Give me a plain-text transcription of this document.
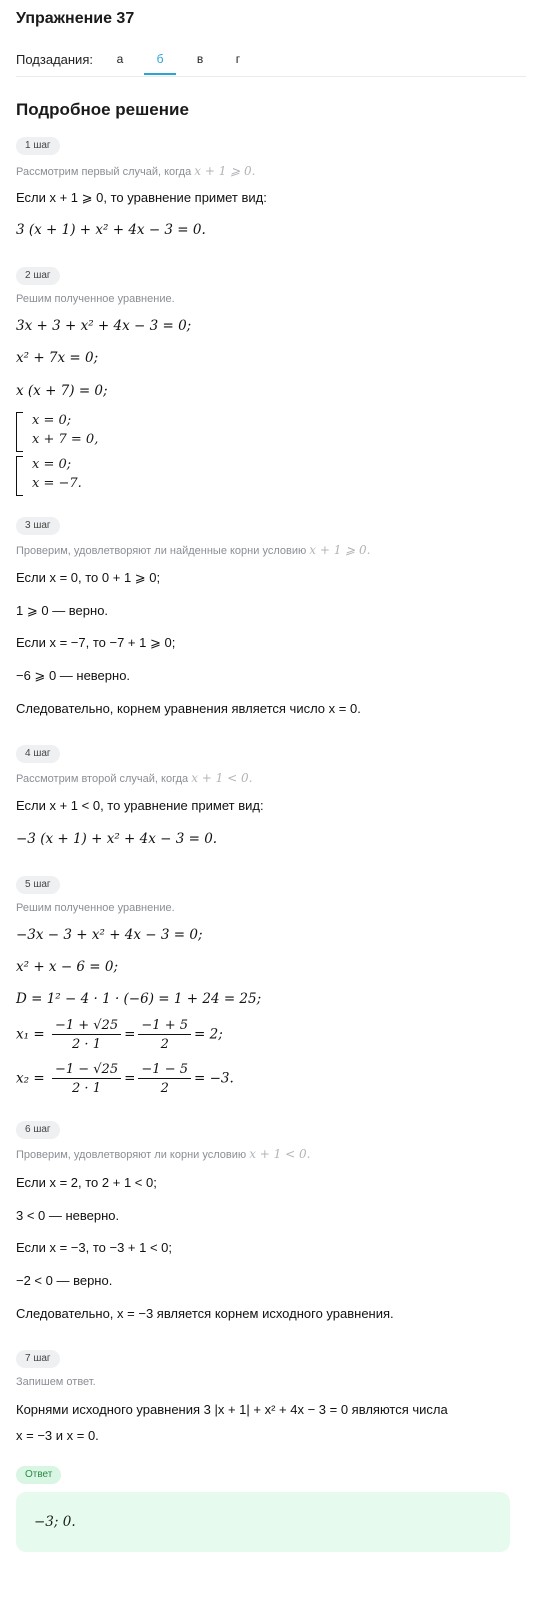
Упражнение 37
Подзадания:	а	б	в	г
Подробное решение
1 шаг
Рассмотрим первый случай, когда x + 1 ⩾ 0.
Если x + 1 ⩾ 0, то уравнение примет вид:
3 (x + 1) + x² + 4x − 3 = 0.
2 шаг
Решим полученное уравнение.
3x + 3 + x² + 4x − 3 = 0;
x² + 7x = 0;
x (x + 7) = 0;
x = 0;
x + 7 = 0,
x = 0;
x = −7.
3 шаг
Проверим, удовлетворяют ли найденные корни условию x + 1 ⩾ 0.
Если x = 0, то 0 + 1 ⩾ 0;
1 ⩾ 0 — верно.
Если x = −7, то −7 + 1 ⩾ 0;
−6 ⩾ 0 — неверно.
Следовательно, корнем уравнения является число x = 0.
4 шаг
Рассмотрим второй случай, когда x + 1 < 0.
Если x + 1 < 0, то уравнение примет вид:
−3 (x + 1) + x² + 4x − 3 = 0.
5 шаг
Решим полученное уравнение.
−3x − 3 + x² + 4x − 3 = 0;
x² + x − 6 = 0;
D = 1² − 4 · 1 · (−6) = 1 + 24 = 25;
$x_1 = \frac{-1 + √25}{2 \cdot 1} = \frac{-1 + 5}{2} = 2$;
$x_2 = \frac{-1 - √25}{2 \cdot 1} = \frac{-1 - 5}{2} = -3$.
6 шаг
Проверим, удовлетворяют ли корни условию x + 1 < 0.
Если x = 2, то 2 + 1 < 0;
3 < 0 — неверно.
Если x = −3, то −3 + 1 < 0;
−2 < 0 — верно.
Следовательно, x = −3 является корнем исходного уравнения.
7 шаг
Запишем ответ.
Корнями исходного уравнения 3 |x + 1| + x² + 4x − 3 = 0 являются числа
x = −3 и x = 0.
Ответ
−3; 0.
